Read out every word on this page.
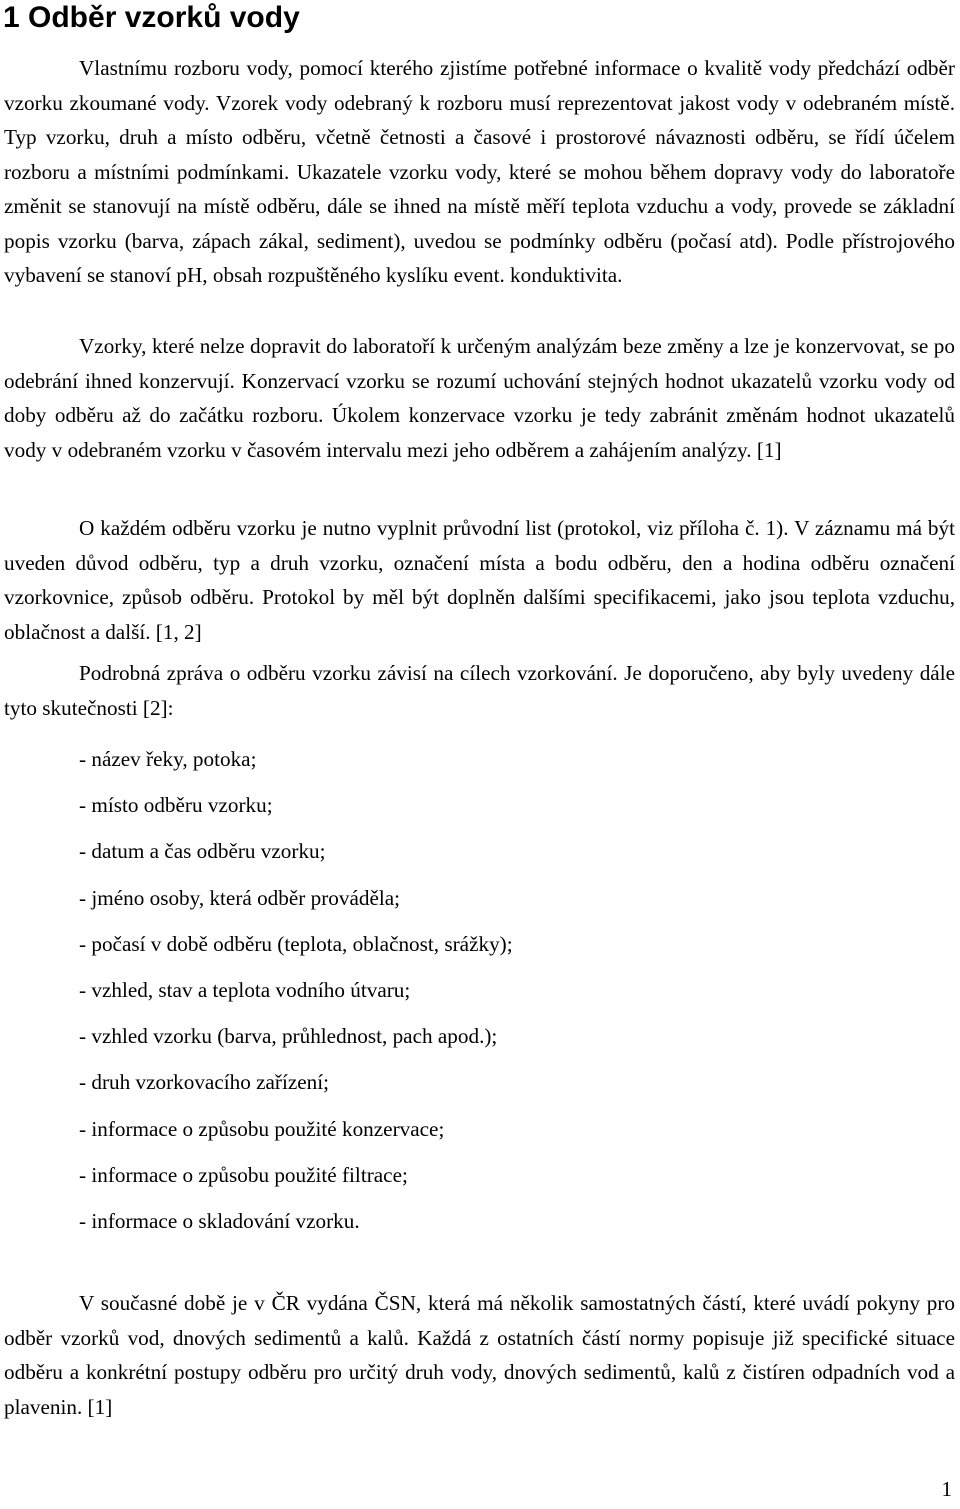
1 Odběr vzorků vody

Vlastnímu rozboru vody, pomocí kterého zjistíme potřebné informace o kvalitě vody předchází odběr vzorku zkoumané vody. Vzorek vody odebraný k rozboru musí reprezentovat jakost vody v odebraném místě. Typ vzorku, druh a místo odběru, včetně četnosti a časové i prostorové návaznosti odběru, se řídí účelem rozboru a místními podmínkami. Ukazatele vzorku vody, které se mohou během dopravy vody do laboratoře změnit se stanovují na místě odběru, dále se ihned na místě měří teplota vzduchu a vody, provede se základní popis vzorku (barva, zápach zákal, sediment), uvedou se podmínky odběru (počasí atd). Podle přístrojového vybavení se stanoví pH, obsah rozpuštěného kyslíku event. konduktivita.

Vzorky, které nelze dopravit do laboratoří k určeným analýzám beze změny a lze je konzervovat, se po odebrání ihned konzervují. Konzervací vzorku se rozumí uchování stejných hodnot ukazatelů vzorku vody od doby odběru až do začátku rozboru. Úkolem konzervace vzorku je tedy zabránit změnám hodnot ukazatelů vody v odebraném vzorku v časovém intervalu mezi jeho odběrem a zahájením analýzy. [1]

O každém odběru vzorku je nutno vyplnit průvodní list (protokol, viz příloha č. 1). V záznamu má být uveden důvod odběru, typ a druh vzorku, označení místa a bodu odběru, den a hodina odběru označení vzorkovnice, způsob odběru. Protokol by měl být doplněn dalšími specifikacemi, jako jsou teplota vzduchu, oblačnost a další. [1, 2]

Podrobná zpráva o odběru vzorku závisí na cílech vzorkování. Je doporučeno, aby byly uvedeny dále tyto skutečnosti [2]:

- název řeky, potoka;
- místo odběru vzorku;
- datum a čas odběru vzorku;
- jméno osoby, která odběr prováděla;
- počasí v době odběru (teplota, oblačnost, srážky);
- vzhled, stav a teplota vodního útvaru;
- vzhled vzorku (barva, průhlednost, pach apod.);
- druh vzorkovacího zařízení;
- informace o způsobu použité konzervace;
- informace o způsobu použité filtrace;
- informace o skladování vzorku.

V současné době je v ČR vydána ČSN, která má několik samostatných částí, které uvádí pokyny pro odběr vzorků vod, dnových sedimentů a kalů. Každá z ostatních částí normy popisuje již specifické situace odběru a konkrétní postupy odběru pro určitý druh vody, dnových sedimentů, kalů z čistíren odpadních vod a plavenin. [1]

1
